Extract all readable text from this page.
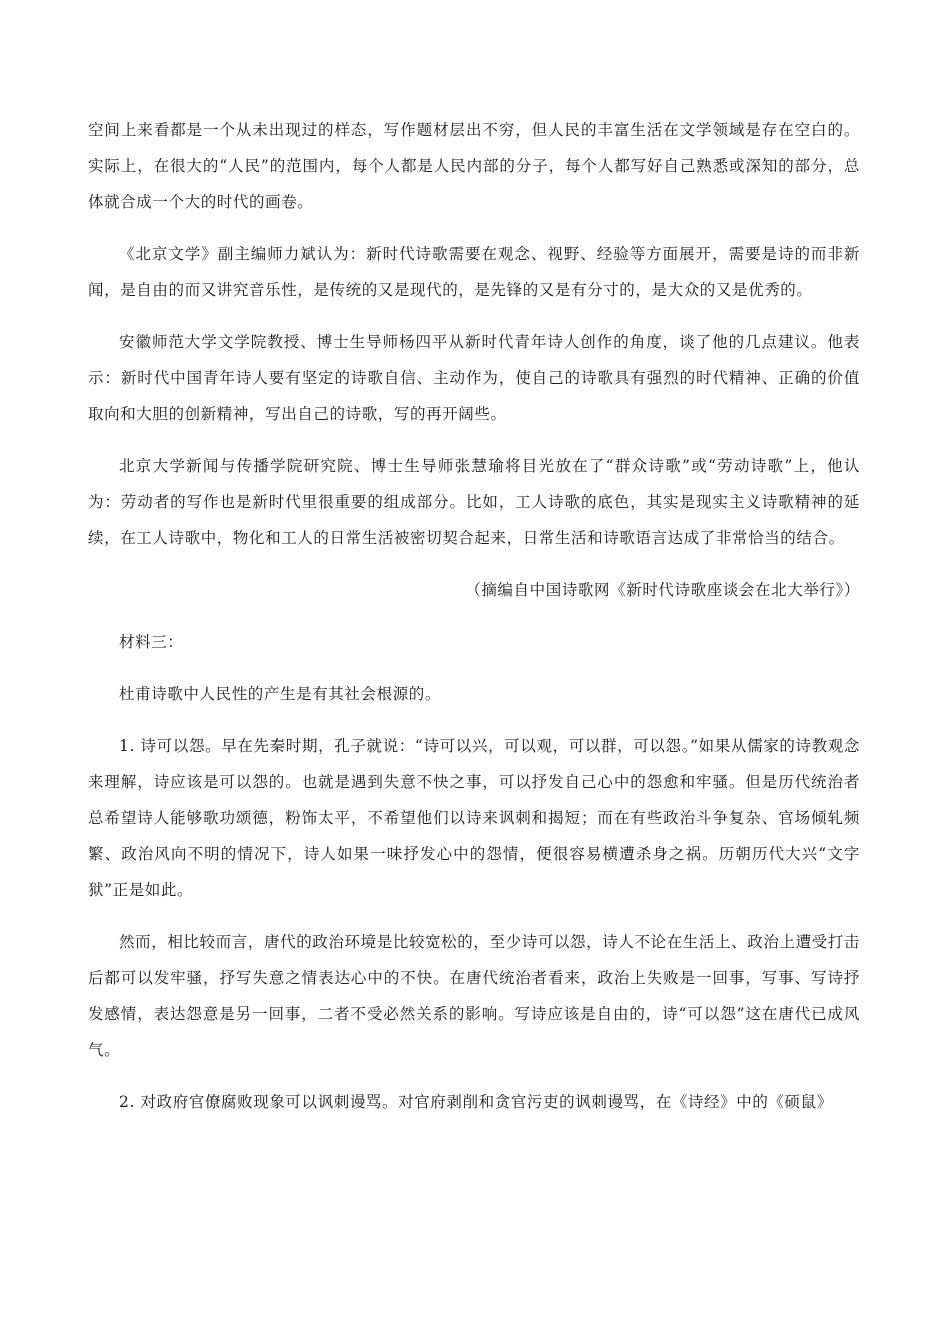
空间上来看都是一个从未出现过的样态，写作题材层出不穷，但人民的丰富生活在文学领域是存在空白的。实际上，在很大的“人民”的范围内，每个人都是人民内部的分子，每个人都写好自己熟悉或深知的部分，总体就合成一个大的时代的画卷。

《北京文学》副主编师力斌认为：新时代诗歌需要在观念、视野、经验等方面展开，需要是诗的而非新闻，是自由的而又讲究音乐性，是传统的又是现代的，是先锋的又是有分寸的，是大众的又是优秀的。

安徽师范大学文学院教授、博士生导师杨四平从新时代青年诗人创作的角度，谈了他的几点建议。他表示：新时代中国青年诗人要有坚定的诗歌自信、主动作为，使自己的诗歌具有强烈的时代精神、正确的价值取向和大胆的创新精神，写出自己的诗歌，写的再开阔些。

北京大学新闻与传播学院研究院、博士生导师张慧瑜将目光放在了“群众诗歌”或“劳动诗歌”上，他认为：劳动者的写作也是新时代里很重要的组成部分。比如，工人诗歌的底色，其实是现实主义诗歌精神的延续，在工人诗歌中，物化和工人的日常生活被密切契合起来，日常生活和诗歌语言达成了非常恰当的结合。

（摘编自中国诗歌网《新时代诗歌座谈会在北大举行》）

材料三：

杜甫诗歌中人民性的产生是有其社会根源的。

1. 诗可以怨。早在先秦时期，孔子就说：“诗可以兴，可以观，可以群，可以怨。”如果从儒家的诗教观念来理解，诗应该是可以怨的。也就是遇到失意不快之事，可以抒发自己心中的怨愈和牢骚。但是历代统治者总希望诗人能够歌功颂德，粉饰太平，不希望他们以诗来讽刺和揭短；而在有些政治斗争复杂、官场倾轧频繁、政治风向不明的情况下，诗人如果一味抒发心中的怨情，便很容易横遭杀身之祸。历朝历代大兴“文字狱”正是如此。

然而，相比较而言，唐代的政治环境是比较宽松的，至少诗可以怨，诗人不论在生活上、政治上遭受打击后都可以发牢骚，抒写失意之情表达心中的不快。在唐代统治者看来，政治上失败是一回事，写事、写诗抒发感情，表达怨意是另一回事，二者不受必然关系的影响。写诗应该是自由的，诗“可以怨”这在唐代已成风气。

2. 对政府官僚腐败现象可以讽刺谩骂。对官府剥削和贪官污吏的讽刺谩骂，在《诗经》中的《硕鼠》
